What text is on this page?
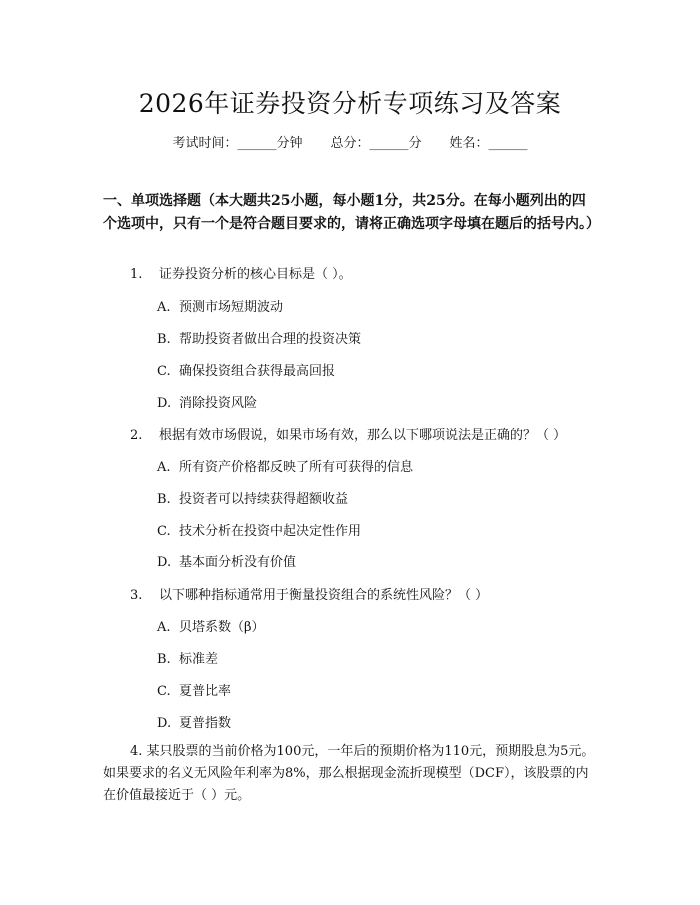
2026年证券投资分析专项练习及答案
考试时间：______分钟 总分：______分 姓名：______
一、单项选择题（本大题共25小题，每小题1分，共25分。在每小题列出的四个选项中，只有一个是符合题目要求的，请将正确选项字母填在题后的括号内。）
1. 证券投资分析的核心目标是（ ）。
A. 预测市场短期波动
B. 帮助投资者做出合理的投资决策
C. 确保投资组合获得最高回报
D. 消除投资风险
2. 根据有效市场假说，如果市场有效，那么以下哪项说法是正确的？（ ）
A. 所有资产价格都反映了所有可获得的信息
B. 投资者可以持续获得超额收益
C. 技术分析在投资中起决定性作用
D. 基本面分析没有价值
3. 以下哪种指标通常用于衡量投资组合的系统性风险？（ ）
A. 贝塔系数（β）
B. 标准差
C. 夏普比率
D. 夏普指数
4. 某只股票的当前价格为100元，一年后的预期价格为110元，预期股息为5元。如果要求的名义无风险年利率为8%，那么根据现金流折现模型（DCF），该股票的内在价值最接近于（ ）元。
